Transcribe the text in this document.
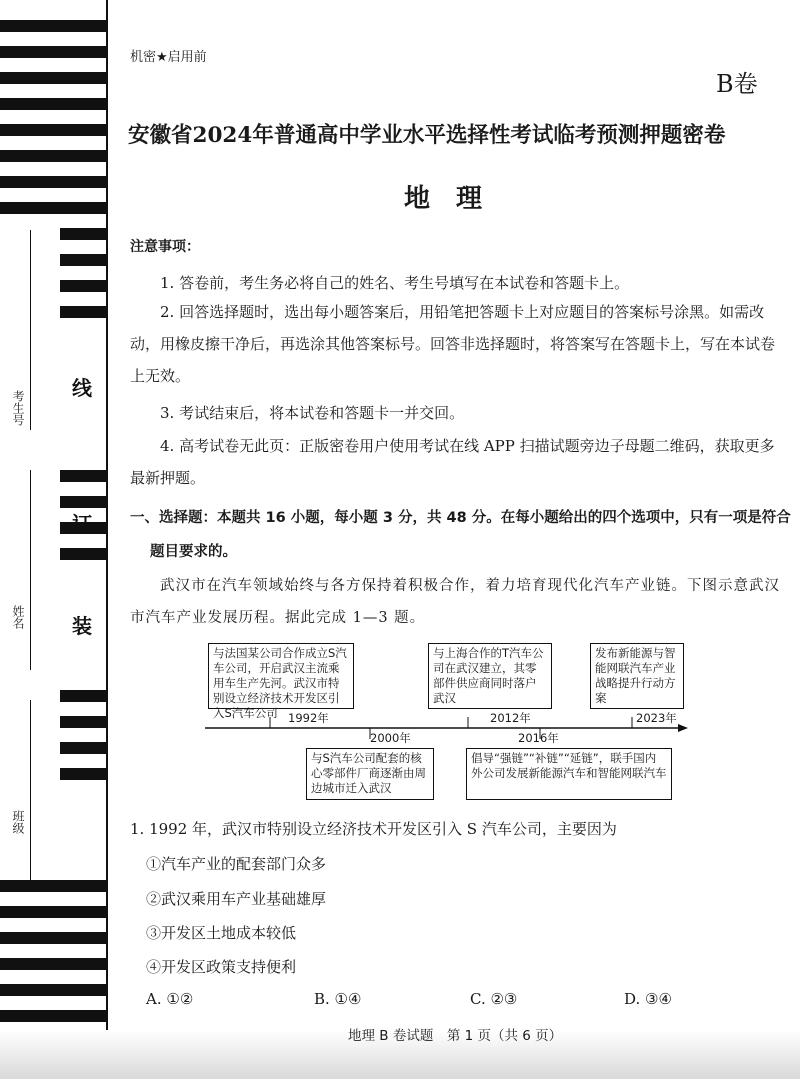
考生号
姓名
班级
线
订
装
机密★启用前
B卷
安徽省2024年普通高中学业水平选择性考试临考预测押题密卷
地　理
注意事项：
1. 答卷前，考生务必将自己的姓名、考生号填写在本试卷和答题卡上。
2. 回答选择题时，选出每小题答案后，用铅笔把答题卡上对应题目的答案标号涂黑。如需改动，用橡皮擦干净后，再选涂其他答案标号。回答非选择题时，将答案写在答题卡上，写在本试卷上无效。
3. 考试结束后，将本试卷和答题卡一并交回。
4. 高考试卷无此页：正版密卷用户使用考试在线 APP 扫描试题旁边子母题二维码，获取更多最新押题。
一、选择题：本题共 16 小题，每小题 3 分，共 48 分。在每小题给出的四个选项中，只有一项是符合
题目要求的。
武汉市在汽车领域始终与各方保持着积极合作，着力培育现代化汽车产业链。下图示意武汉
市汽车产业发展历程。据此完成 1—3 题。
与法国某公司合作成立S汽车公司，开启武汉主流乘用车生产先河。武汉市特别设立经济技术开发区引入S汽车公司 1992年
与上海合作的T汽车公司在武汉建立，其零部件供应商同时落户武汉
2012年
发布新能源与智能网联汽车产业战略提升行动方案
2023年
2000年
与S汽车公司配套的核心零部件厂商逐渐由周边城市迁入武汉
2016年
倡导“强链”“补链”“延链”，联手国内外公司发展新能源汽车和智能网联汽车
1. 1992 年，武汉市特别设立经济技术开发区引入 S 汽车公司，主要因为
①汽车产业的配套部门众多
②武汉乘用车产业基础雄厚
③开发区土地成本较低
④开发区政策支持便利
A. ①②	B. ①④	C. ②③	D. ③④
地理 B 卷试题　第 1 页（共 6 页）
